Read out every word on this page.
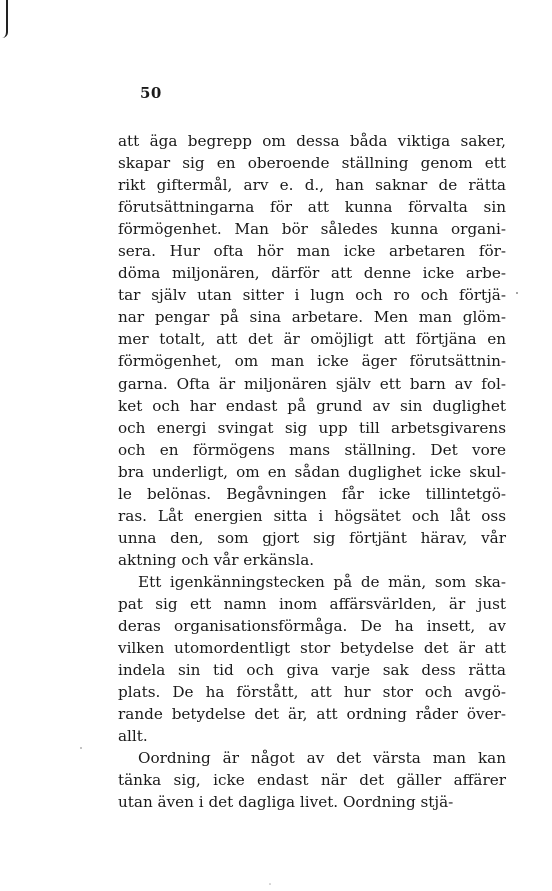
50
att äga begrepp om dessa båda viktiga saker,
skapar sig en oberoende ställning genom ett
rikt giftermål, arv e. d., han saknar de rätta
förutsättningarna för att kunna förvalta sin
förmögenhet. Man bör således kunna organi-
sera. Hur ofta hör man icke arbetaren för-
döma miljonären, därför att denne icke arbe-
tar själv utan sitter i lugn och ro och förtjä-
nar pengar på sina arbetare. Men man glöm-
mer totalt, att det är omöjligt att förtjäna en
förmögenhet, om man icke äger förutsättnin-
garna. Ofta är miljonären själv ett barn av fol-
ket och har endast på grund av sin duglighet
och energi svingat sig upp till arbetsgivarens
och en förmögens mans ställning. Det vore
bra underligt, om en sådan duglighet icke skul-
le belönas. Begåvningen får icke tillintetgö-
ras. Låt energien sitta i högsätet och låt oss
unna den, som gjort sig förtjänt härav, vår
aktning och vår erkänsla.
Ett igenkänningstecken på de män, som ska-
pat sig ett namn inom affärsvärlden, är just
deras organisationsförmåga. De ha insett, av
vilken utomordentligt stor betydelse det är att
indela sin tid och giva varje sak dess rätta
plats. De ha förstått, att hur stor och avgö-
rande betydelse det är, att ordning råder över-
allt.
Oordning är något av det värsta man kan
tänka sig, icke endast när det gäller affärer
utan även i det dagliga livet. Oordning stjä-
